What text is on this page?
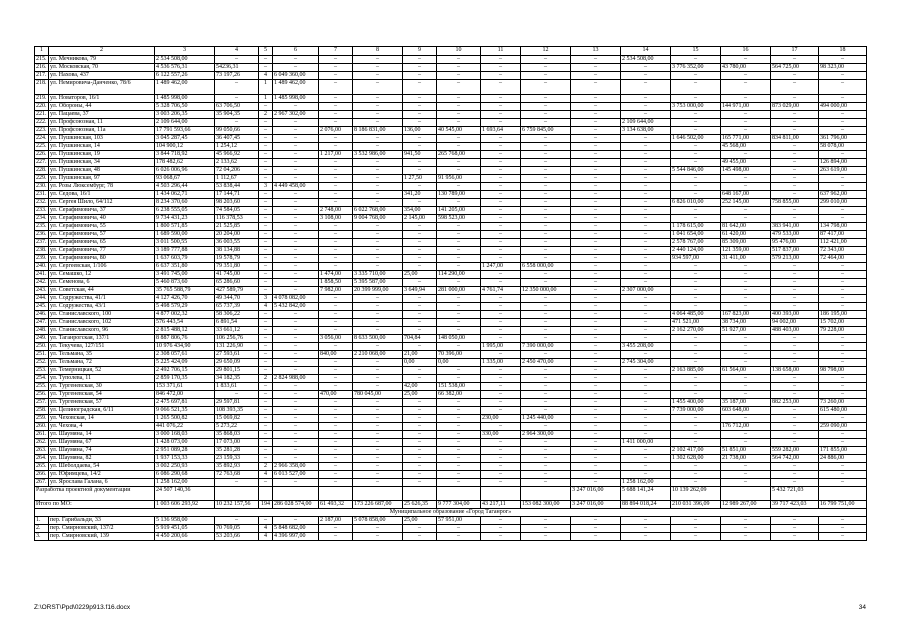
1	2	3	4	5	6	7	8	9	10	11	12	13	14	15	16	17	18
215.	ул. Мечникова, 79	2 534 508,00	–	–	–	–	–	–	–	–	–	–	2 534 508,00	–	–	–	–
216.	ул. Московская, 70	4 536 576,31	54236,31	–	–	–	–	–	–	–	–	–	–	3 776 352,00	43 780,00	564 725,00	98 323,00
217.	ул. Нахова, 437	6 122 557,26	73 197,26	4	6 049 360,00	–	–	–	–	–	–	–	–	–	–	–	–
218.	ул. Немировича-Данченко, 78/6	1 489 462,00	–	1	1 489 462,00	–	–	–	–	–	–	–	–	–	–	–	–
219.	ул. Новаторов, 16/1	1 485 998,00	–	1	1 485 998,00	–	–	–	–	–	–	–	–	–	–	–	–
220.	ул. Обороны, 44	5 328 706,50	63 706,50	–	–	–	–	–	–	–	–	–	–	3 753 000,00	144 971,00	873 029,00	494 000,00
221.	ул. Пацаева, 37	3 003 206,35	35 904,35	2	2 967 302,00	–	–	–	–	–	–	–	–	–	–	–	–
222.	ул. Профсоюзная, 11	2 109 644,00	–	–	–	–	–	–	–	–	–	–	2 109 644,00	–	–	–	–
223.	ул. Профсоюзная, 11а	17 791 593,66	99 050,66	–	–	2 076,00	8 186 831,00	136,00	40 545,00	1 693,64	6 759 845,00	–	3 134 638,00	–	–	–	–
224.	ул. Пушкинская, 103	3 045 287,45	36 407,45	–	–	–	–	–	–	–	–	–	–	1 646 502,00	165 771,00	834 811,00	361 796,00
225.	ул. Пушкинская, 14	104 900,12	1 254,12	–	–	–	–	–	–	–	–	–	–	–	45 568,00	–	58 078,00
226.	ул. Пушкинская, 19	3 844 718,92	45 966,92	–	–	1 217,00	3 532 986,00	941,50	265 768,00	–	–	–	–	–	–	–	–
227.	ул. Пушкинская, 34	178 482,62	2 133,62	–	–	–	–	–	–	–	–	–	–	–	49 455,00	–	126 894,00
228.	ул. Пушкинская, 48	6 026 006,96	72 04,206	–	–	–	–	–	–	–	–	–	–	5 544 846,00	145 498,00	–	263 619,00
229.	ул. Пушкинская, 97	93 068,67	1 112,67	–	–	–	–	1 27,50	91 956,00	–	–	–	–	–	–	–	–
230.	ул. Розы Люксембург, 78	4 503 296,44	53 838,44	3	4 449 458,00	–	–	–	–	–	–	–	–	–	–	–	–
231.	ул. Седова, 16/1	1 434 062,71	17 144,71	–	–	–	–	341,20	130 789,00	–	–	–	–	–	648 167,00	–	637 962,00
232.	ул. Сергея Шило, 64/112	8 234 370,60	98 203,60	–	–	–	–	–	–	–	–	–	–	6 826 010,00	252 145,00	758 855,00	299 010,00
233.	ул. Серафимовича, 37	6 238 555,05	74 584,05	–	–	2 748,00	6 022 768,00	354,00	141 205,00	–	–	–	–	–	–	–	–
234.	ул. Серафимовича, 40	9 734 431,23	116 378,53	–	–	3 108,00	9 004 768,00	2 145,00	598 523,00	–	–	–	–	–	–	–	–
235.	ул. Серафимовича, 55	1 800 571,85	21 525,85	–	–	–	–	–	–	–	–	–	–	1 178 615,00	81 642,00	383 941,00	134 798,00
236.	ул. Серафимовича, 57	1 689 590,00	20 204,00	–	–	–	–	–	–	–	–	–	–	1 041 654,00	61 420,00	479 533,00	87 417,00
237.	ул. Серафимовича, 65	3 011 500,55	36 003,55	–	–	–	–	–	–	–	–	–	–	2 578 767,00	85 309,00	95 476,00	112 421,00
238.	ул. Серафимовича, 77	3 189 777,88	38 134,88	–	–	–	–	–	–	–	–	–	–	2 440 124,00	121 359,00	517 837,00	72 343,00
239.	ул. Серафимовича, 80	1 637 603,79	19 578,79	–	–	–	–	–	–	–	–	–	–	934 597,00	31 411,00	579 213,00	72 464,00
240.	ул. Сергеевская, 1/106	6 637 351,80	79 351,80	–	–	–	–	–	–	1 247,00	6 558 000,00	–	–	–	–	–	–
241.	ул. Семашко, 12	3 491 745,00	41 745,00	–	–	1 474,00	3 335 710,00	25,00	114 290,00	–	–	–	–	–	–	–	–
242.	ул. Семенова, 6	5 460 873,60	65 286,60	–	–	1 858,50	5 395 587,00	–	–	–	–	–	–	–	–	–	–
243.	ул. Советская, 44	35 765 588,79	427 589,79	–	–	7 982,00	20 399 999,00	3 649,94	281 000,00	4 761,74	12 350 000,00	–	2 307 000,00	–	–	–	–
244.	ул. Содружества, 41/1	4 127 426,70	49 344,70	3	4 078 082,00	–	–	–	–	–	–	–	–	–	–	–	–
245.	ул. Содружества, 43/1	5 498 579,29	65 737,39	4	5 432 842,00	–	–	–	–	–	–	–	–	–	–	–	–
246.	ул. Станиславского, 100	4 877 002,32	58 306,22	–	–	–	–	–	–	–	–	–	–	4 064 485,00	167 823,00	400 393,00	186 195,00
247.	ул. Станиславского, 102	576 443,54	6 891,54	–	–	–	–	–	–	–	–	–	–	471 521,00	38 734,00	94 002,00	15 702,00
248.	ул. Станиславского, 96	2 815 488,12	33 661,12	–	–	–	–	–	–	–	–	–	–	2 162 270,00	51 927,00	488 403,00	79 228,00
249.	ул. Таганрогская, 137/1	8 887 806,76	106 256,76	–	–	3 056,00	8 633 500,00	704,84	148 050,00	–	–	–	–	–	–	–	–
250.	ул. Текучева, 127/151	10 976 434,90	131 226,90	–	–	–	–	–	–	1 995,00	7 390 000,00	–	3 455 208,00	–	–	–	–
251.	ул. Тельмана, 35	2 308 057,61	27 593,61	–	–	840,00	2 210 068,00	21,00	70 396,00	–	–	–	–	–	–	–	–
252.	ул. Тельмана, 72	5 225 424,09	29 650,09	–	–	–	–	0,00	0,00	1 335,00	2 450 470,00	–	2 745 304,00	–	–	–	–
253.	ул. Темерницкая, 52	2 492 706,15	29 801,15	–	–	–	–	–	–	–	–	–	–	2 163 885,00	61 564,00	138 658,00	98 798,00
254.	ул. Туполева, 11	2 859 170,35	34 182,35	2	2 824 988,00	–	–	–	–	–	–	–	–	–	–	–	–
255.	ул. Тургеневская, 30	153 371,61	1 833,61	–	–	–	–	42,00	151 538,00	–	–	–	–	–	–	–	–
256.	ул. Тургеневская, 54	846 472,00	–	–	–	470,00	780 045,00	25,00	66 382,00	–	–	–	–	–	–	–	–
257.	ул. Тургеневская, 57	2 475 697,81	29 597,81	–	–	–	–	–	–	–	–	–	–	1 455 400,00	35 187,00	882 253,00	73 260,00
258.	ул. Целиноградская, 6/11	9 066 521,35	108 393,35	–	–	–	–	–	–	–	–	–	–	7 739 000,00	603 648,00	–	615 480,00
259.	ул. Чеховская, 14	1 265 500,82	15 069,82	–	–	–	–	–	–	230,00	1 245 440,00	–	–	–	–	–	–
260.	ул. Чехова, 4	441 076,22	5 273,22	–	–	–	–	–	–	–	–	–	–	–	176 712,00	–	259 090,00
261.	ул. Шаумяна, 14	3 000 168,03	35 868,03	–	–	–	–	–	–	330,00	2 964 300,00	–	–	–	–	–	–
262.	ул. Шаумяна, 67	1 428 073,00	17 073,00	–	–	–	–	–	–	–	–	–	1 411 000,00	–	–	–	–
263.	ул. Шаумяна, 74	2 951 089,28	35 281,28	–	–	–	–	–	–	–	–	–	–	2 102 417,00	51 851,00	559 282,00	171 855,00
264.	ул. Шаумяна, 82	1 937 153,33	23 159,33	–	–	–	–	–	–	–	–	–	–	1 302 628,00	21 738,00	564 742,00	24 886,00
265.	ул. Шеболдаева, 54	3 002 250,93	35 892,93	2	2 966 358,00	–	–	–	–	–	–	–	–	–	–	–	–
266.	ул. Юфимцева, 14/2	6 086 290,68	72 763,68	4	6 013 527,00	–	–	–	–	–	–	–	–	–	–	–	–
267.	ул. Ярослава Галана, 6	1 258 162,00	–	–	–	–	–	–	–	–	–	–	1 258 162,00	–	–	–	–
Разработка проектной документации		24 507 140,36										3 247 016,00	5 688 141,24	10 139 262,09		5 432 721,03	
Итого по МО:		1 003 606 293,92	10 232 157,56	194	286 028 574,00	61 493,32	173 226 687,00	25 626,35	9 777 304,00	43 217,11	153 082 300,00	3 247 016,00	88 894 018,24	210 031 396,09	12 989 267,00	39 717 423,03	16 799 751,00
Муниципальное образование «Город Таганрог»																	
1.	пер. Гарибальди, 33	5 136 958,00	–	–	–	2 187,00	5 078 858,00	25,00	57 951,00	–	–	–	–	–	–	–	–
2.	пер. Смирновский, 137/2	5 919 451,05	70 769,05	4	5 848 682,00	–	–	–	–	–	–	–	–	–	–	–	–
3.	пер. Смирновский, 139	4 450 200,66	53 203,66	4	4 396 997,00	–	–	–	–	–	–	–	–	–	–	–	–
Z:\ORST\Ppd\0229p913.f16.docx	34
